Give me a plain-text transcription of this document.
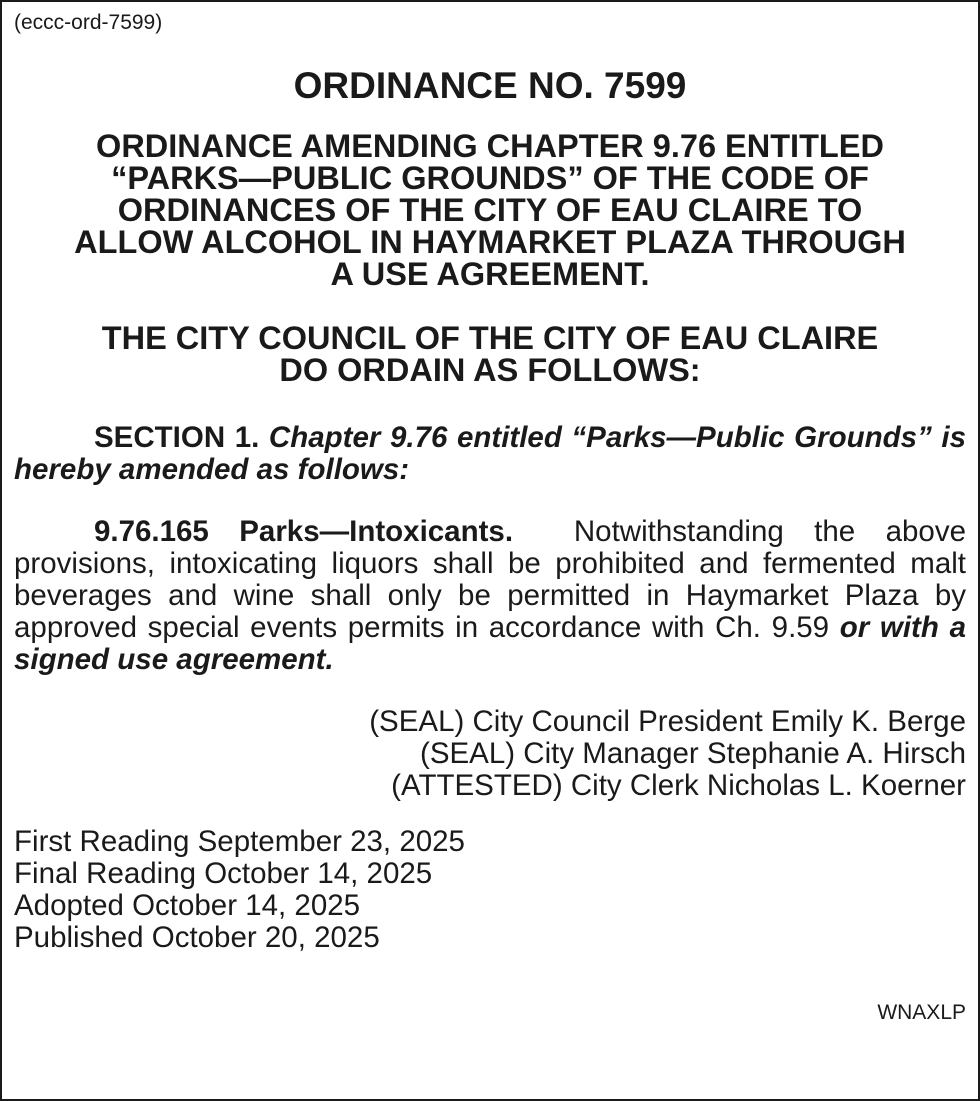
(eccc-ord-7599)

ORDINANCE NO. 7599
ORDINANCE AMENDING CHAPTER 9.76 ENTITLED
“PARKS—PUBLIC GROUNDS” OF THE CODE OF
ORDINANCES OF THE CITY OF EAU CLAIRE TO
ALLOW ALCOHOL IN HAYMARKET PLAZA THROUGH
A USE AGREEMENT.
THE CITY COUNCIL OF THE CITY OF EAU CLAIRE
DO ORDAIN AS FOLLOWS:

SECTION 1. Chapter 9.76 entitled “Parks—Public Grounds” is hereby amended as follows:

9.76.165 Parks—Intoxicants. Notwithstanding the above provisions, intoxicating liquors shall be prohibited and fermented malt beverages and wine shall only be permitted in Haymarket Plaza by approved special events permits in accordance with Ch. 9.59 or with a signed use agreement.

(SEAL) City Council President Emily K. Berge
(SEAL) City Manager Stephanie A. Hirsch
(ATTESTED) City Clerk Nicholas L. Koerner
First Reading September 23, 2025
Final Reading October 14, 2025
Adopted October 14, 2025
Published October 20, 2025
WNAXLP
